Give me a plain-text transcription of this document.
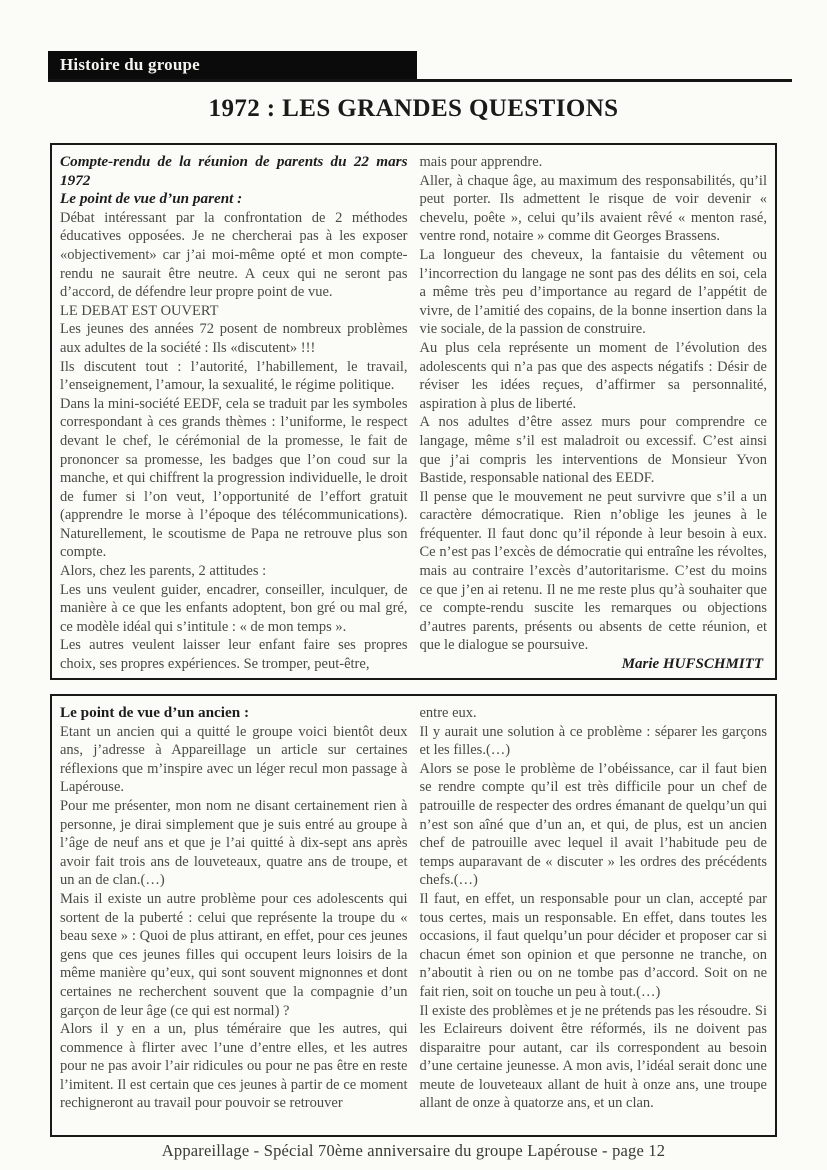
Histoire du groupe
1972 : LES GRANDES QUESTIONS

Compte-rendu de la réunion de parents du 22 mars 1972

Le point de vue d’un parent :

Débat intéressant par la confrontation de 2 méthodes éducatives opposées. Je ne chercherai pas à les exposer «objectivement» car j’ai moi-même opté et mon compte-rendu ne saurait être neutre. A ceux qui ne seront pas d’accord, de défendre leur propre point de vue.

LE DEBAT EST OUVERT

Les jeunes des années 72 posent de nombreux problèmes aux adultes de la société : Ils «discutent» !!!

Ils discutent tout : l’autorité, l’habillement, le travail, l’enseignement, l’amour, la sexualité, le régime politique.

Dans la mini-société EEDF, cela se traduit par les symboles correspondant à ces grands thèmes : l’uniforme, le respect devant le chef, le cérémonial de la promesse, le fait de prononcer sa promesse, les badges que l’on coud sur la manche, et qui chiffrent la progression individuelle, le droit de fumer si l’on veut, l’opportunité de l’effort gratuit (apprendre le morse à l’époque des télécommunications). Naturellement, le scoutisme de Papa ne retrouve plus son compte.

Alors, chez les parents, 2 attitudes :

Les uns veulent guider, encadrer, conseiller, inculquer, de manière à ce que les enfants adoptent, bon gré ou mal gré, ce modèle idéal qui s’intitule : « de mon temps ».

Les autres veulent laisser leur enfant faire ses propres choix, ses propres expériences. Se tromper, peut-être,

mais pour apprendre.

Aller, à chaque âge, au maximum des responsabilités, qu’il peut porter. Ils admettent le risque de voir devenir « chevelu, poête », celui qu’ils avaient rêvé « menton rasé, ventre rond, notaire » comme dit Georges Brassens.

La longueur des cheveux, la fantaisie du vêtement ou l’incorrection du langage ne sont pas des délits en soi, cela a même très peu d’importance au regard de l’appétit de vivre, de l’amitié des copains, de la bonne insertion dans la vie sociale, de la passion de construire.

Au plus cela représente un moment de l’évolution des adolescents qui n’a pas que des aspects négatifs : Désir de réviser les idées reçues, d’affirmer sa personnalité, aspiration à plus de liberté.

A nos adultes d’être assez murs pour comprendre ce langage, même s’il est maladroit ou excessif. C’est ainsi que j’ai compris les interventions de Monsieur Yvon Bastide, responsable national des EEDF.

Il pense que le mouvement ne peut survivre que s’il a un caractère démocratique. Rien n’oblige les jeunes à le fréquenter. Il faut donc qu’il réponde à leur besoin à eux. Ce n’est pas l’excès de démocratie qui entraîne les révoltes, mais au contraire l’excès d’autoritarisme. C’est du moins ce que j’en ai retenu. Il ne me reste plus qu’à souhaiter que ce compte-rendu suscite les remarques ou objections d’autres parents, présents ou absents de cette réunion, et que le dialogue se poursuive.

Marie HUFSCHMITT

Le point de vue d’un ancien :

Etant un ancien qui a quitté le groupe voici bientôt deux ans, j’adresse à Appareillage un article sur certaines réflexions que m’inspire avec un léger recul mon passage à Lapérouse.

Pour me présenter, mon nom ne disant certainement rien à personne, je dirai simplement que je suis entré au groupe à l’âge de neuf ans et que je l’ai quitté à dix-sept ans après avoir fait trois ans de louveteaux, quatre ans de troupe, et un an de clan.(…)

Mais il existe un autre problème pour ces adolescents qui sortent de la puberté : celui que représente la troupe du « beau sexe » : Quoi de plus attirant, en effet, pour ces jeunes gens que ces jeunes filles qui occupent leurs loisirs de la même manière qu’eux, qui sont souvent mignonnes et dont certaines ne recherchent souvent que la compagnie d’un garçon de leur âge (ce qui est normal) ?

Alors il y en a un, plus téméraire que les autres, qui commence à flirter avec l’une d’entre elles, et les autres pour ne pas avoir l’air ridicules ou pour ne pas être en reste l’imitent. Il est certain que ces jeunes à partir de ce moment rechigneront au travail pour pouvoir se retrouver

entre eux.

Il y aurait une solution à ce problème : séparer les garçons et les filles.(…)

Alors se pose le problème de l’obéissance, car il faut bien se rendre compte qu’il est très difficile pour un chef de patrouille de respecter des ordres émanant de quelqu’un qui n’est son aîné que d’un an, et qui, de plus, est un ancien chef de patrouille avec lequel il avait l’habitude peu de temps auparavant de « discuter » les ordres des précédents chefs.(…)

Il faut, en effet, un responsable pour un clan, accepté par tous certes, mais un responsable. En effet, dans toutes les occasions, il faut quelqu’un pour décider et proposer car si chacun émet son opinion et que personne ne tranche, on n’aboutit à rien ou on ne tombe pas d’accord. Soit on ne fait rien, soit on touche un peu à tout.(…)

Il existe des problèmes et je ne prétends pas les résoudre. Si les Eclaireurs doivent être réformés, ils ne doivent pas disparaitre pour autant, car ils correspondent au besoin d’une certaine jeunesse. A mon avis, l’idéal serait donc une meute de louveteaux allant de huit à onze ans, une troupe allant de onze à quatorze ans, et un clan.

Appareillage - Spécial 70ème anniversaire du groupe Lapérouse - page 12
